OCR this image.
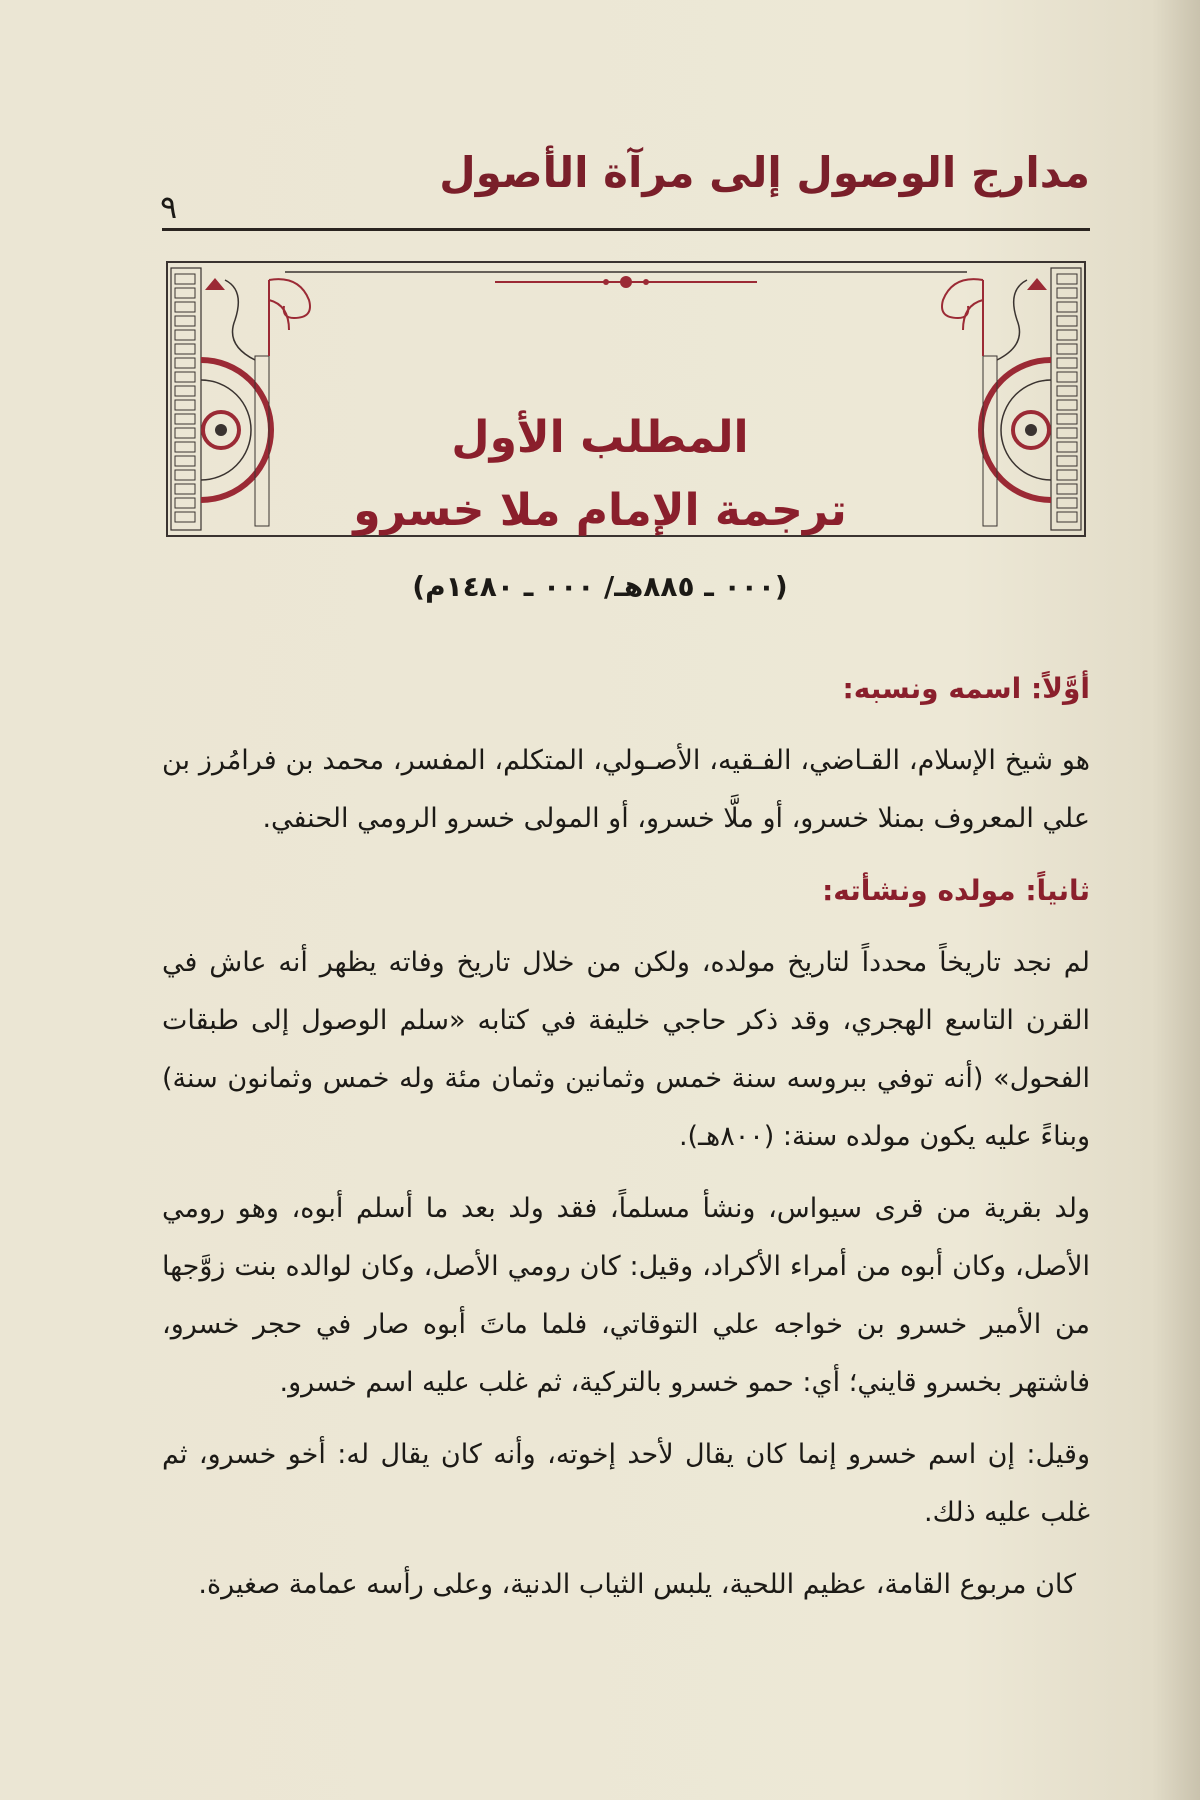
مدارج الوصول إلى مرآة الأصول
٩
المطلب الأول
ترجمة الإمام ملا خسرو
(٠٠٠ ـ ٨٨٥هـ/ ٠٠٠ ـ ١٤٨٠م)
أوَّلاً: اسمه ونسبه:

هو شيخ الإسلام، القـاضي، الفـقيه، الأصـولي، المتكلم، المفسر، محمد بن فرامُرز بن علي المعروف بمنلا خسرو، أو ملَّا خسرو، أو المولى خسرو الرومي الحنفي.

ثانياً: مولده ونشأته:

لم نجد تاريخاً محدداً لتاريخ مولده، ولكن من خلال تاريخ وفاته يظهر أنه عاش في القرن التاسع الهجري، وقد ذكر حاجي خليفة في كتابه «سلم الوصول إلى طبقات الفحول» (أنه توفي ببروسه سنة خمس وثمانين وثمان مئة وله خمس وثمانون سنة) وبناءً عليه يكون مولده سنة: (٨٠٠هـ).

ولد بقرية من قرى سيواس، ونشأ مسلماً، فقد ولد بعد ما أسلم أبوه، وهو رومي الأصل، وكان أبوه من أمراء الأكراد، وقيل: كان رومي الأصل، وكان لوالده بنت زوَّجها من الأمير خسرو بن خواجه علي التوقاتي، فلما ماتَ أبوه صار في حجر خسرو، فاشتهر بخسرو قايني؛ أي: حمو خسرو بالتركية، ثم غلب عليه اسم خسرو.

وقيل: إن اسم خسرو إنما كان يقال لأحد إخوته، وأنه كان يقال له: أخو خسرو، ثم غلب عليه ذلك.

كان مربوع القامة، عظيم اللحية، يلبس الثياب الدنية، وعلى رأسه عمامة صغيرة.
